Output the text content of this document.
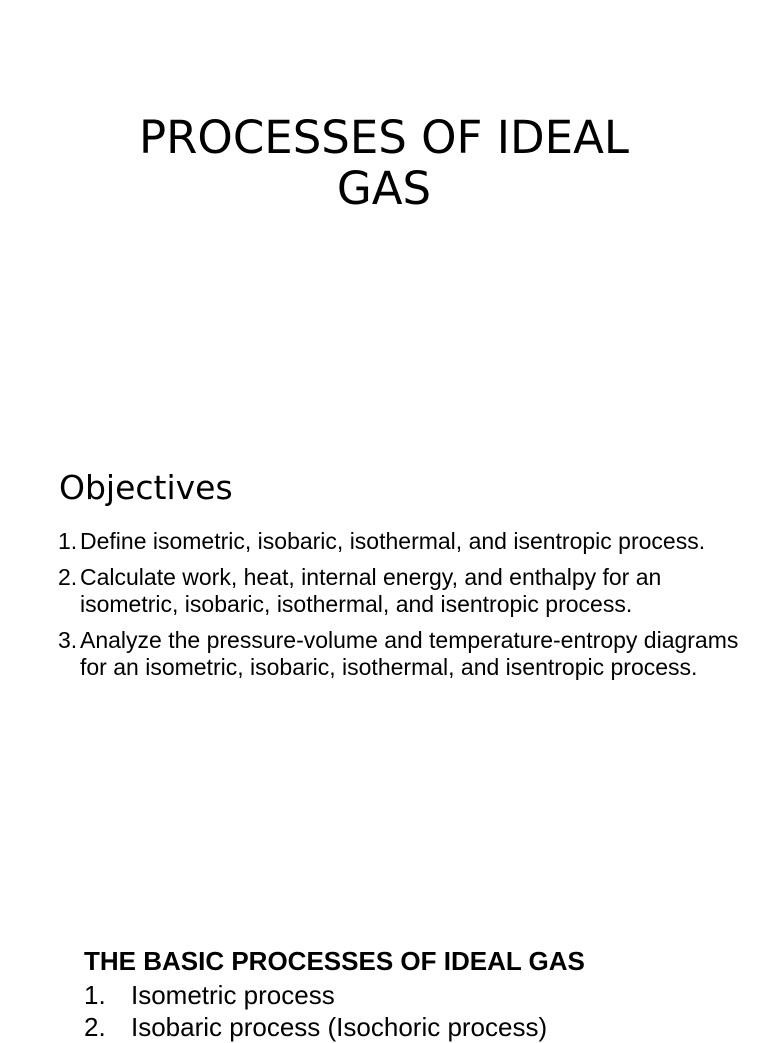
PROCESSES OF IDEAL
GAS
Objectives
1. Define isometric, isobaric, isothermal, and isentropic process.
2. Calculate work, heat, internal energy, and enthalpy for an isometric, isobaric, isothermal, and isentropic process.
3. Analyze the pressure-volume and temperature-entropy diagrams for an isometric, isobaric, isothermal, and isentropic process.
THE BASIC PROCESSES OF IDEAL GAS
1. Isometric process
2. Isobaric process (Isochoric process)
